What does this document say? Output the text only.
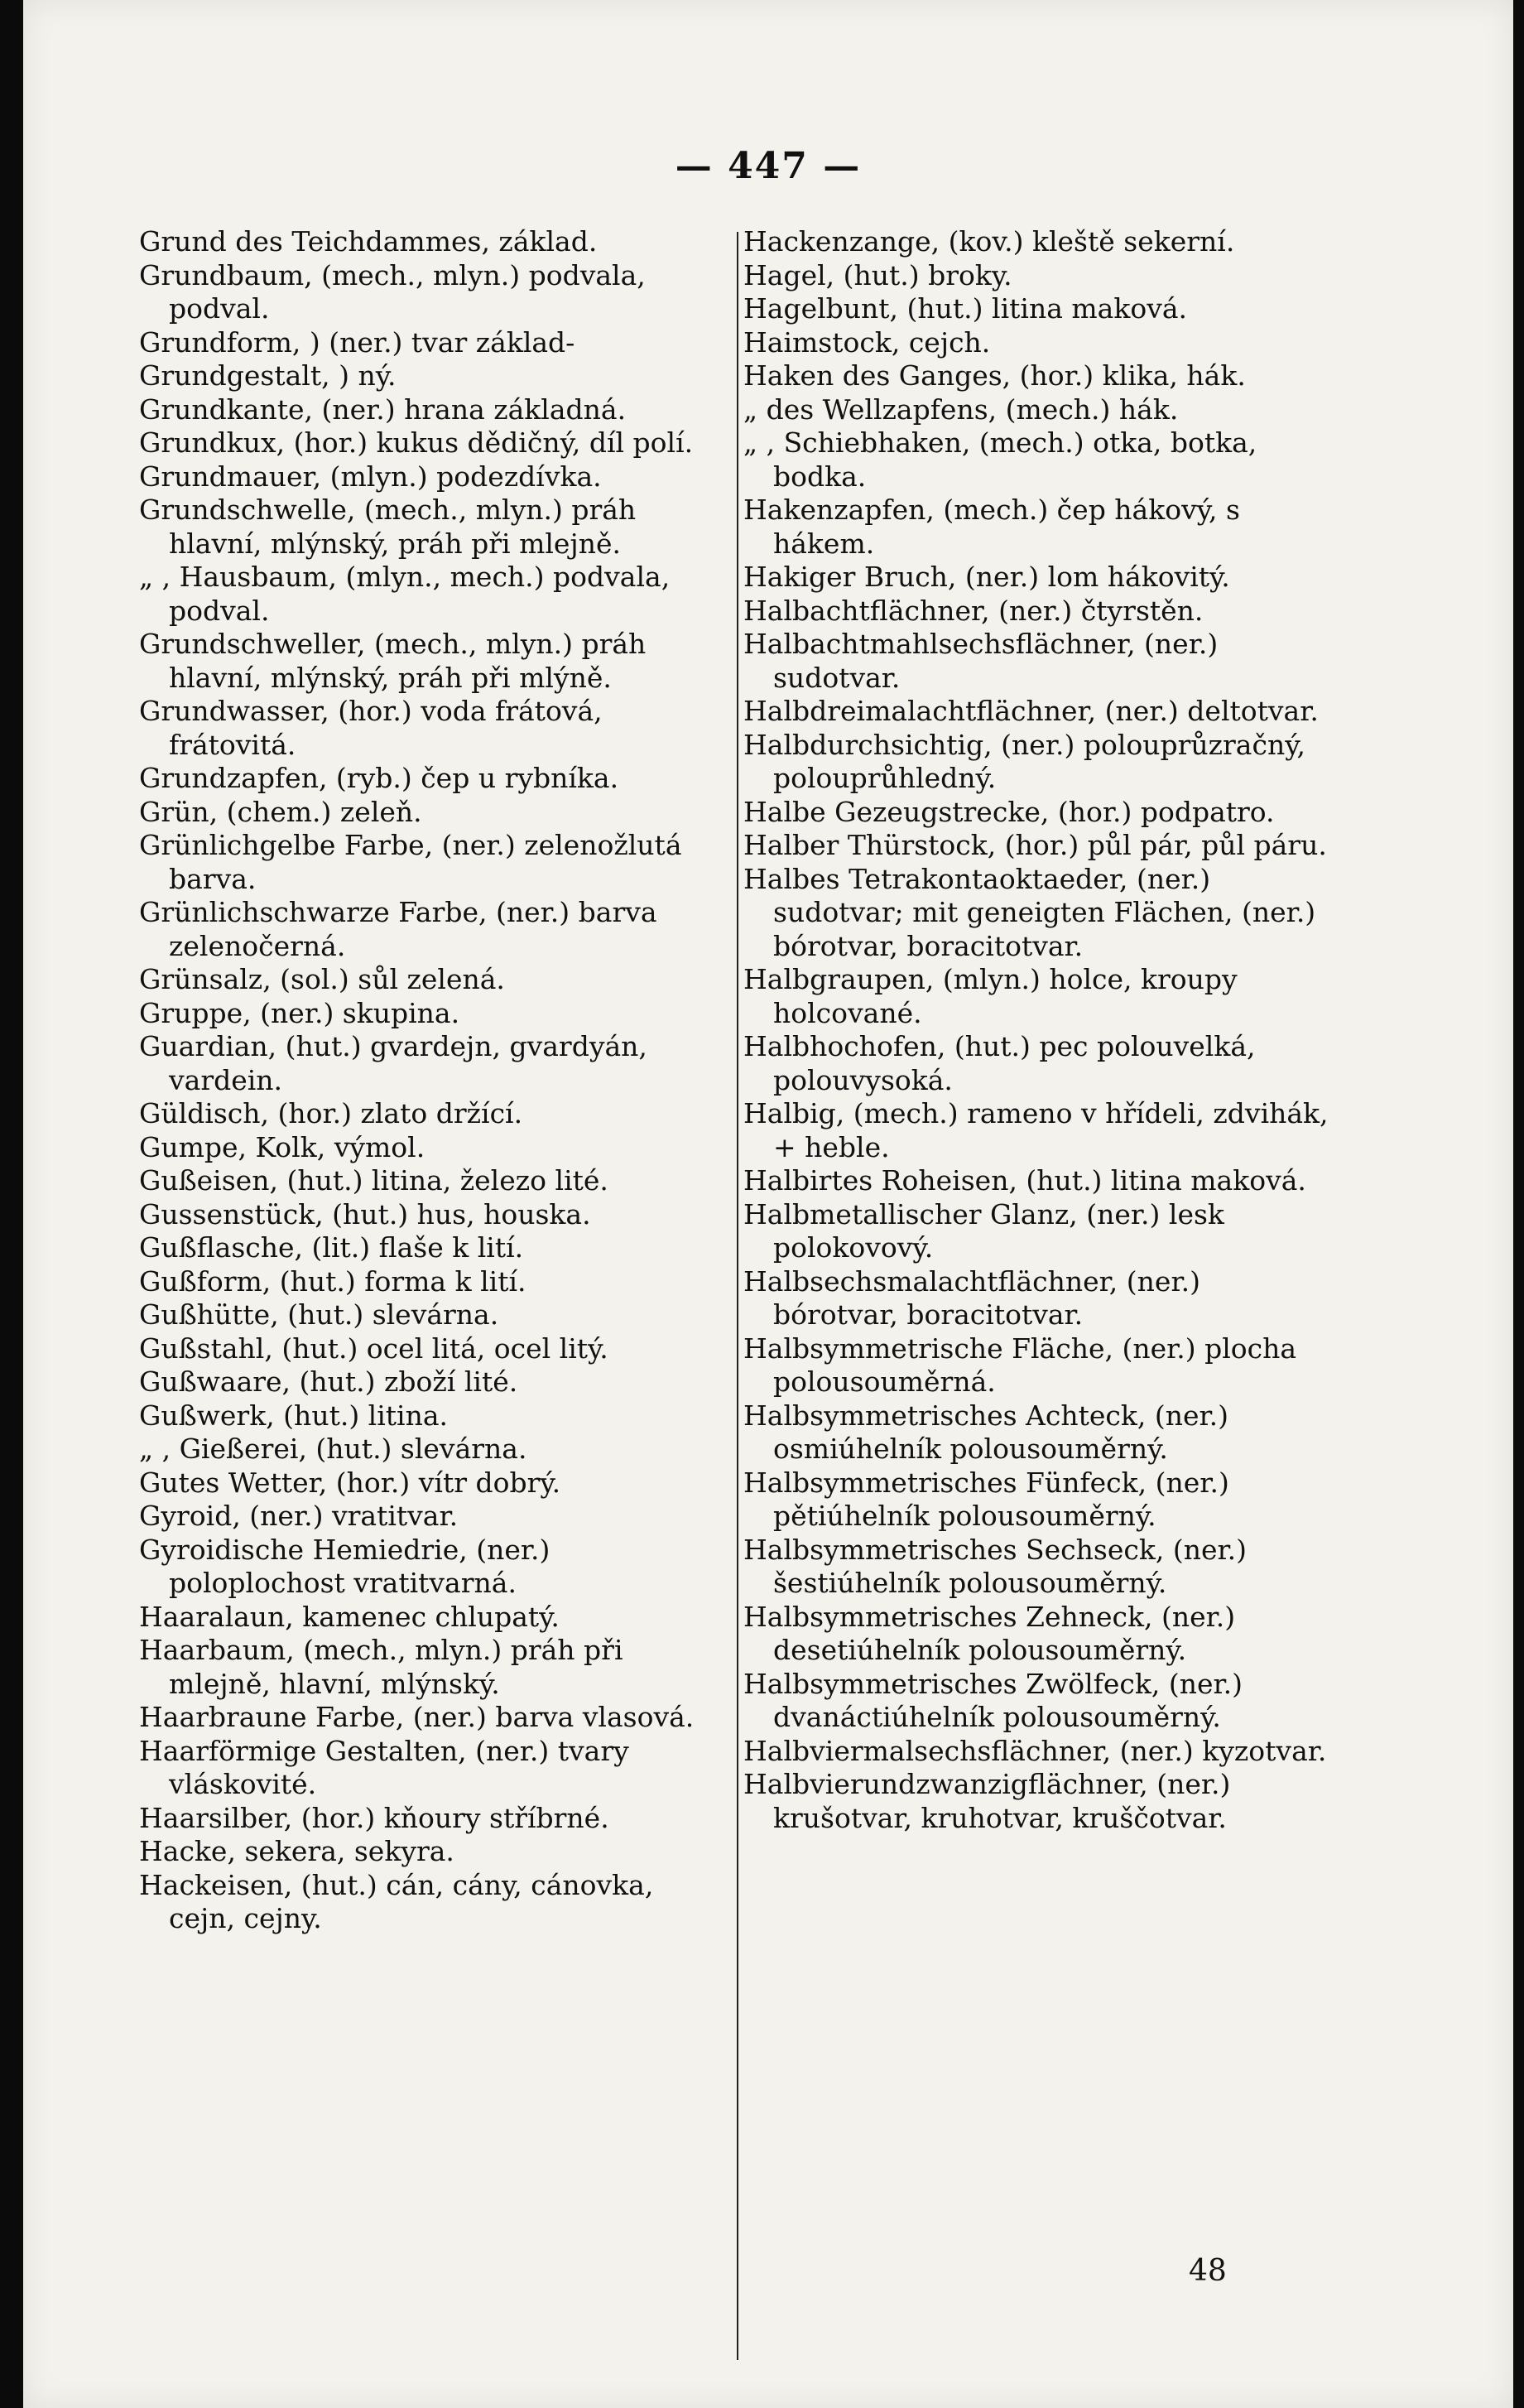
— 447 —

Grund des Teichdammes, základ.

Grundbaum, (mech., mlyn.) podvala, podval.

Grundform, ) (ner.) tvar základ-

Grundgestalt, ) ný.

Grundkante, (ner.) hrana základná.

Grundkux, (hor.) kukus dědičný, díl polí.

Grundmauer, (mlyn.) podezdívka.

Grundschwelle, (mech., mlyn.) práh hlavní, mlýnský, práh při mlejně.

„ , Hausbaum, (mlyn., mech.) podvala, podval.

Grundschweller, (mech., mlyn.) práh hlavní, mlýnský, práh při mlýně.

Grundwasser, (hor.) voda frátová, frátovitá.

Grundzapfen, (ryb.) čep u rybníka.

Grün, (chem.) zeleň.

Grünlichgelbe Farbe, (ner.) zelenožlutá barva.

Grünlichschwarze Farbe, (ner.) barva zelenočerná.

Grünsalz, (sol.) sůl zelená.

Gruppe, (ner.) skupina.

Guardian, (hut.) gvardejn, gvardyán, vardein.

Güldisch, (hor.) zlato držící.

Gumpe, Kolk, výmol.

Gußeisen, (hut.) litina, železo lité.

Gussenstück, (hut.) hus, houska.

Gußflasche, (lit.) flaše k lití.

Gußform, (hut.) forma k lití.

Gußhütte, (hut.) slevárna.

Gußstahl, (hut.) ocel litá, ocel litý.

Gußwaare, (hut.) zboží lité.

Gußwerk, (hut.) litina.

„ , Gießerei, (hut.) slevárna.

Gutes Wetter, (hor.) vítr dobrý.

Gyroid, (ner.) vratitvar.

Gyroidische Hemiedrie, (ner.) poloplochost vratitvarná.

Haaralaun, kamenec chlupatý.

Haarbaum, (mech., mlyn.) práh při mlejně, hlavní, mlýnský.

Haarbraune Farbe, (ner.) barva vlasová.

Haarförmige Gestalten, (ner.) tvary vláskovité.

Haarsilber, (hor.) kňoury stříbrné.

Hacke, sekera, sekyra.

Hackeisen, (hut.) cán, cány, cánovka, cejn, cejny.

Hackenzange, (kov.) kleště sekerní.

Hagel, (hut.) broky.

Hagelbunt, (hut.) litina maková.

Haimstock, cejch.

Haken des Ganges, (hor.) klika, hák.

„ des Wellzapfens, (mech.) hák.

„ , Schiebhaken, (mech.) otka, botka, bodka.

Hakenzapfen, (mech.) čep hákový, s hákem.

Hakiger Bruch, (ner.) lom hákovitý.

Halbachtflächner, (ner.) čtyrstěn.

Halbachtmahlsechsflächner, (ner.) sudotvar.

Halbdreimalachtflächner, (ner.) deltotvar.

Halbdurchsichtig, (ner.) polouprůzračný, polouprůhledný.

Halbe Gezeugstrecke, (hor.) podpatro.

Halber Thürstock, (hor.) půl pár, půl páru.

Halbes Tetrakontaoktaeder, (ner.) sudotvar; mit geneigten Flächen, (ner.) bórotvar, boracitotvar.

Halbgraupen, (mlyn.) holce, kroupy holcované.

Halbhochofen, (hut.) pec polouvelká, polouvysoká.

Halbig, (mech.) rameno v hřídeli, zdvihák, + heble.

Halbirtes Roheisen, (hut.) litina maková.

Halbmetallischer Glanz, (ner.) lesk polokovový.

Halbsechsmalachtflächner, (ner.) bórotvar, boracitotvar.

Halbsymmetrische Fläche, (ner.) plocha polousouměrná.

Halbsymmetrisches Achteck, (ner.) osmiúhelník polousouměrný.

Halbsymmetrisches Fünfeck, (ner.) pětiúhelník polousouměrný.

Halbsymmetrisches Sechseck, (ner.) šestiúhelník polousouměrný.

Halbsymmetrisches Zehneck, (ner.) desetiúhelník polousouměrný.

Halbsymmetrisches Zwölfeck, (ner.) dvanáctiúhelník polousouměrný.

Halbviermalsechsflächner, (ner.) kyzotvar.

Halbvierundzwanzigflächner, (ner.) krušotvar, kruhotvar, kruščotvar.

48
